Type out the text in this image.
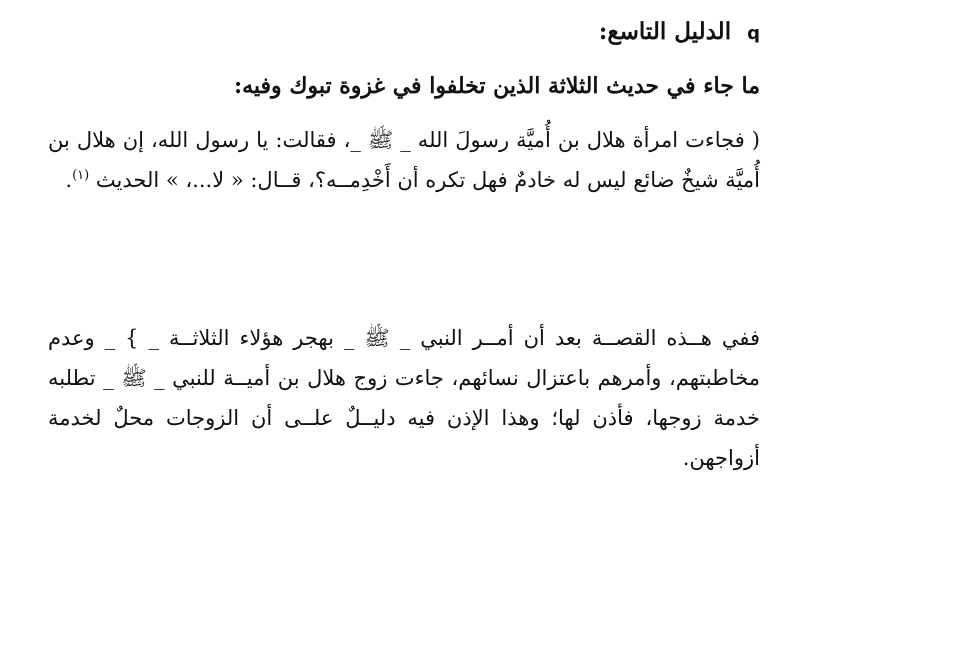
q الدليل التاسع:
ما جاء في حديث الثلاثة الذين تخلفوا في غزوة تبوك وفيه:
( فجاءت امرأة هلال بن أُميَّة رسولَ الله _ ﷺ _، فقالت: يا رسول الله، إن هلال بن أُميَّة شيخٌ ضائع ليس له خادمٌ فهل تكره أن أَخْدِمــه؟، قــال: « لا...، » الحديث $^{(١)}$.
ففي هــذه القصــة بعد أن أمــر النبي _ ﷺ _ بهجر هؤلاء الثلاثــة _ } _ وعدم مخاطبتهم، وأمرهم باعتزال نسائهم، جاءت زوج هلال بن أميــة للنبي _ ﷺ _ تطلبه خدمة زوجها، فأذن لها؛ وهذا الإذن فيه دليــلٌ علــى أن الزوجات محلٌ لخدمة أزواجهن.
